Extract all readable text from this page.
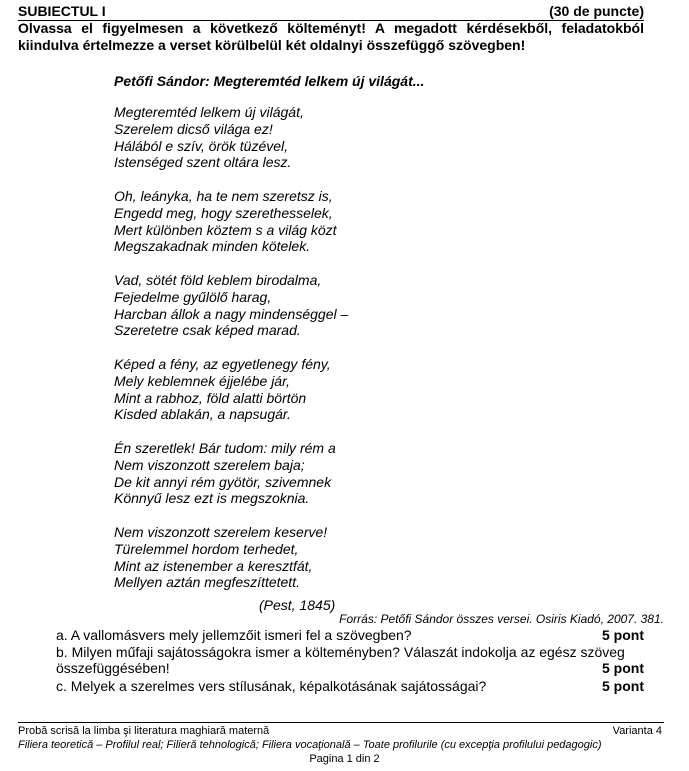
SUBIECTUL I	(30 de puncte)
Olvassa el figyelmesen a következő költeményt! A megadott kérdésekből, feladatokból kiindulva értelmezze a verset körülbelül két oldalnyi összefüggő szövegben!
Petőfi Sándor: Megteremtéd lelkem új világát...
Megteremtéd lelkem új világát,
Szerelem dicső világa ez!
Hálából e szív, örök tüzével,
Istenséged szent oltára lesz.
Oh, leányka, ha te nem szeretsz is,
Engedd meg, hogy szerethesselek,
Mert különben köztem s a világ közt
Megszakadnak minden kötelek.
Vad, sötét föld keblem birodalma,
Fejedelme gyűlölő harag,
Harcban állok a nagy mindenséggel –
Szeretetre csak képed marad.
Képed a fény, az egyetlenegy fény,
Mely keblemnek éjjelébe jár,
Mint a rabhoz, föld alatti börtön
Kisded ablakán, a napsugár.
Én szeretlek! Bár tudom: mily rém a
Nem viszonzott szerelem baja;
De kit annyi rém gyötör, szivemnek
Könnyű lesz ezt is megszoknia.
Nem viszonzott szerelem keserve!
Türelemmel hordom terhedet,
Mint az istenember a keresztfát,
Mellyen aztán megfeszíttetett.
(Pest, 1845)
Forrás: Petőfi Sándor összes versei. Osiris Kiadó, 2007. 381.
a. A vallomásvers mely jellemzőit ismeri fel a szövegben?	5 pont
b. Milyen műfaji sajátosságokra ismer a költeményben? Válaszát indokolja az egész szöveg összefüggésében!	5 pont
c. Melyek a szerelmes vers stílusának, képalkotásának sajátosságai?	5 pont
Probă scrisă la limba şi literatura maghiară maternă	Varianta 4
Filiera teoretică – Profilul real; Filieră tehnologică; Filiera vocaţională – Toate profilurile (cu excepţia profilului pedagogic)
Pagina 1 din 2
